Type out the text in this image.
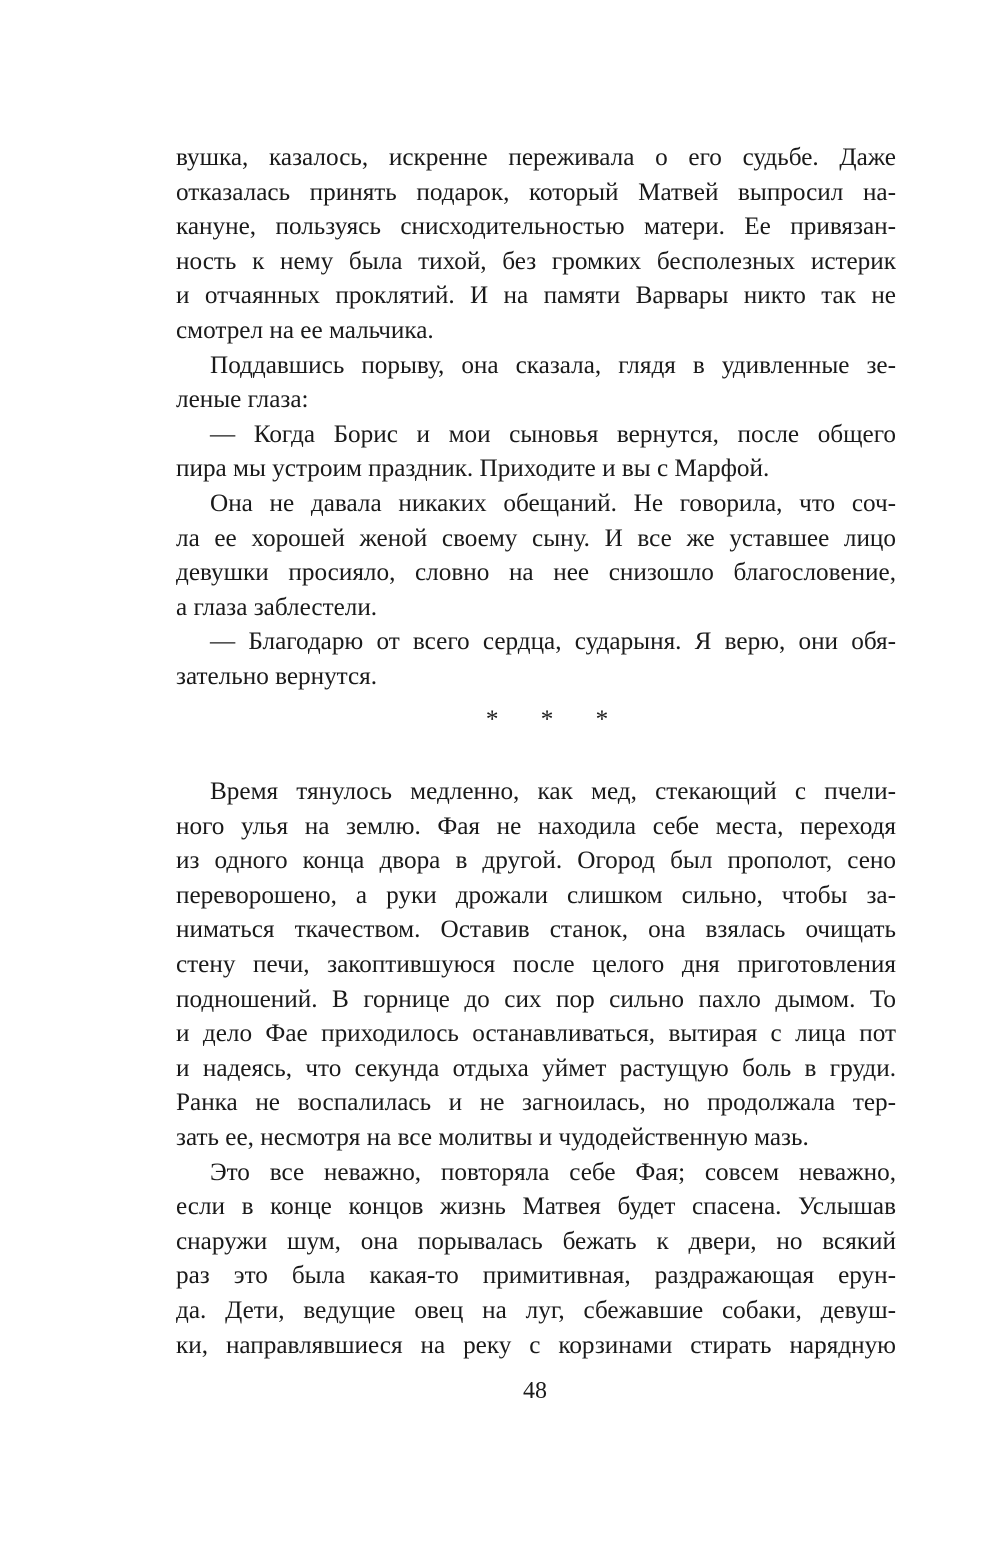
вушка, казалось, искренне переживала о его судьбе. Даже
отказалась принять подарок, который Матвей выпросил на-
кануне, пользуясь снисходительностью матери. Ее привязан-
ность к нему была тихой, без громких бесполезных истерик
и отчаянных проклятий. И на памяти Варвары никто так не
смотрел на ее мальчика.
Поддавшись порыву, она сказала, глядя в удивленные зе-
леные глаза:
— Когда Борис и мои сыновья вернутся, после общего
пира мы устроим праздник. Приходите и вы с Марфой.
Она не давала никаких обещаний. Не говорила, что соч-
ла ее хорошей женой своему сыну. И все же уставшее лицо
девушки просияло, словно на нее снизошло благословение,
а глаза заблестели.
— Благодарю от всего сердца, сударыня. Я верю, они обя-
зательно вернутся.
* * *
Время тянулось медленно, как мед, стекающий с пчели-
ного улья на землю. Фая не находила себе места, переходя
из одного конца двора в другой. Огород был прополот, сено
переворошено, а руки дрожали слишком сильно, чтобы за-
ниматься ткачеством. Оставив станок, она взялась очищать
стену печи, закоптившуюся после целого дня приготовления
подношений. В горнице до сих пор сильно пахло дымом. То
и дело Фае приходилось останавливаться, вытирая с лица пот
и надеясь, что секунда отдыха уймет растущую боль в груди.
Ранка не воспалилась и не загноилась, но продолжала тер-
зать ее, несмотря на все молитвы и чудодейственную мазь.
Это все неважно, повторяла себе Фая; совсем неважно,
если в конце концов жизнь Матвея будет спасена. Услышав
снаружи шум, она порывалась бежать к двери, но всякий
раз это была какая-то примитивная, раздражающая ерун-
да. Дети, ведущие овец на луг, сбежавшие собаки, девуш-
ки, направлявшиеся на реку с корзинами стирать нарядную
48
